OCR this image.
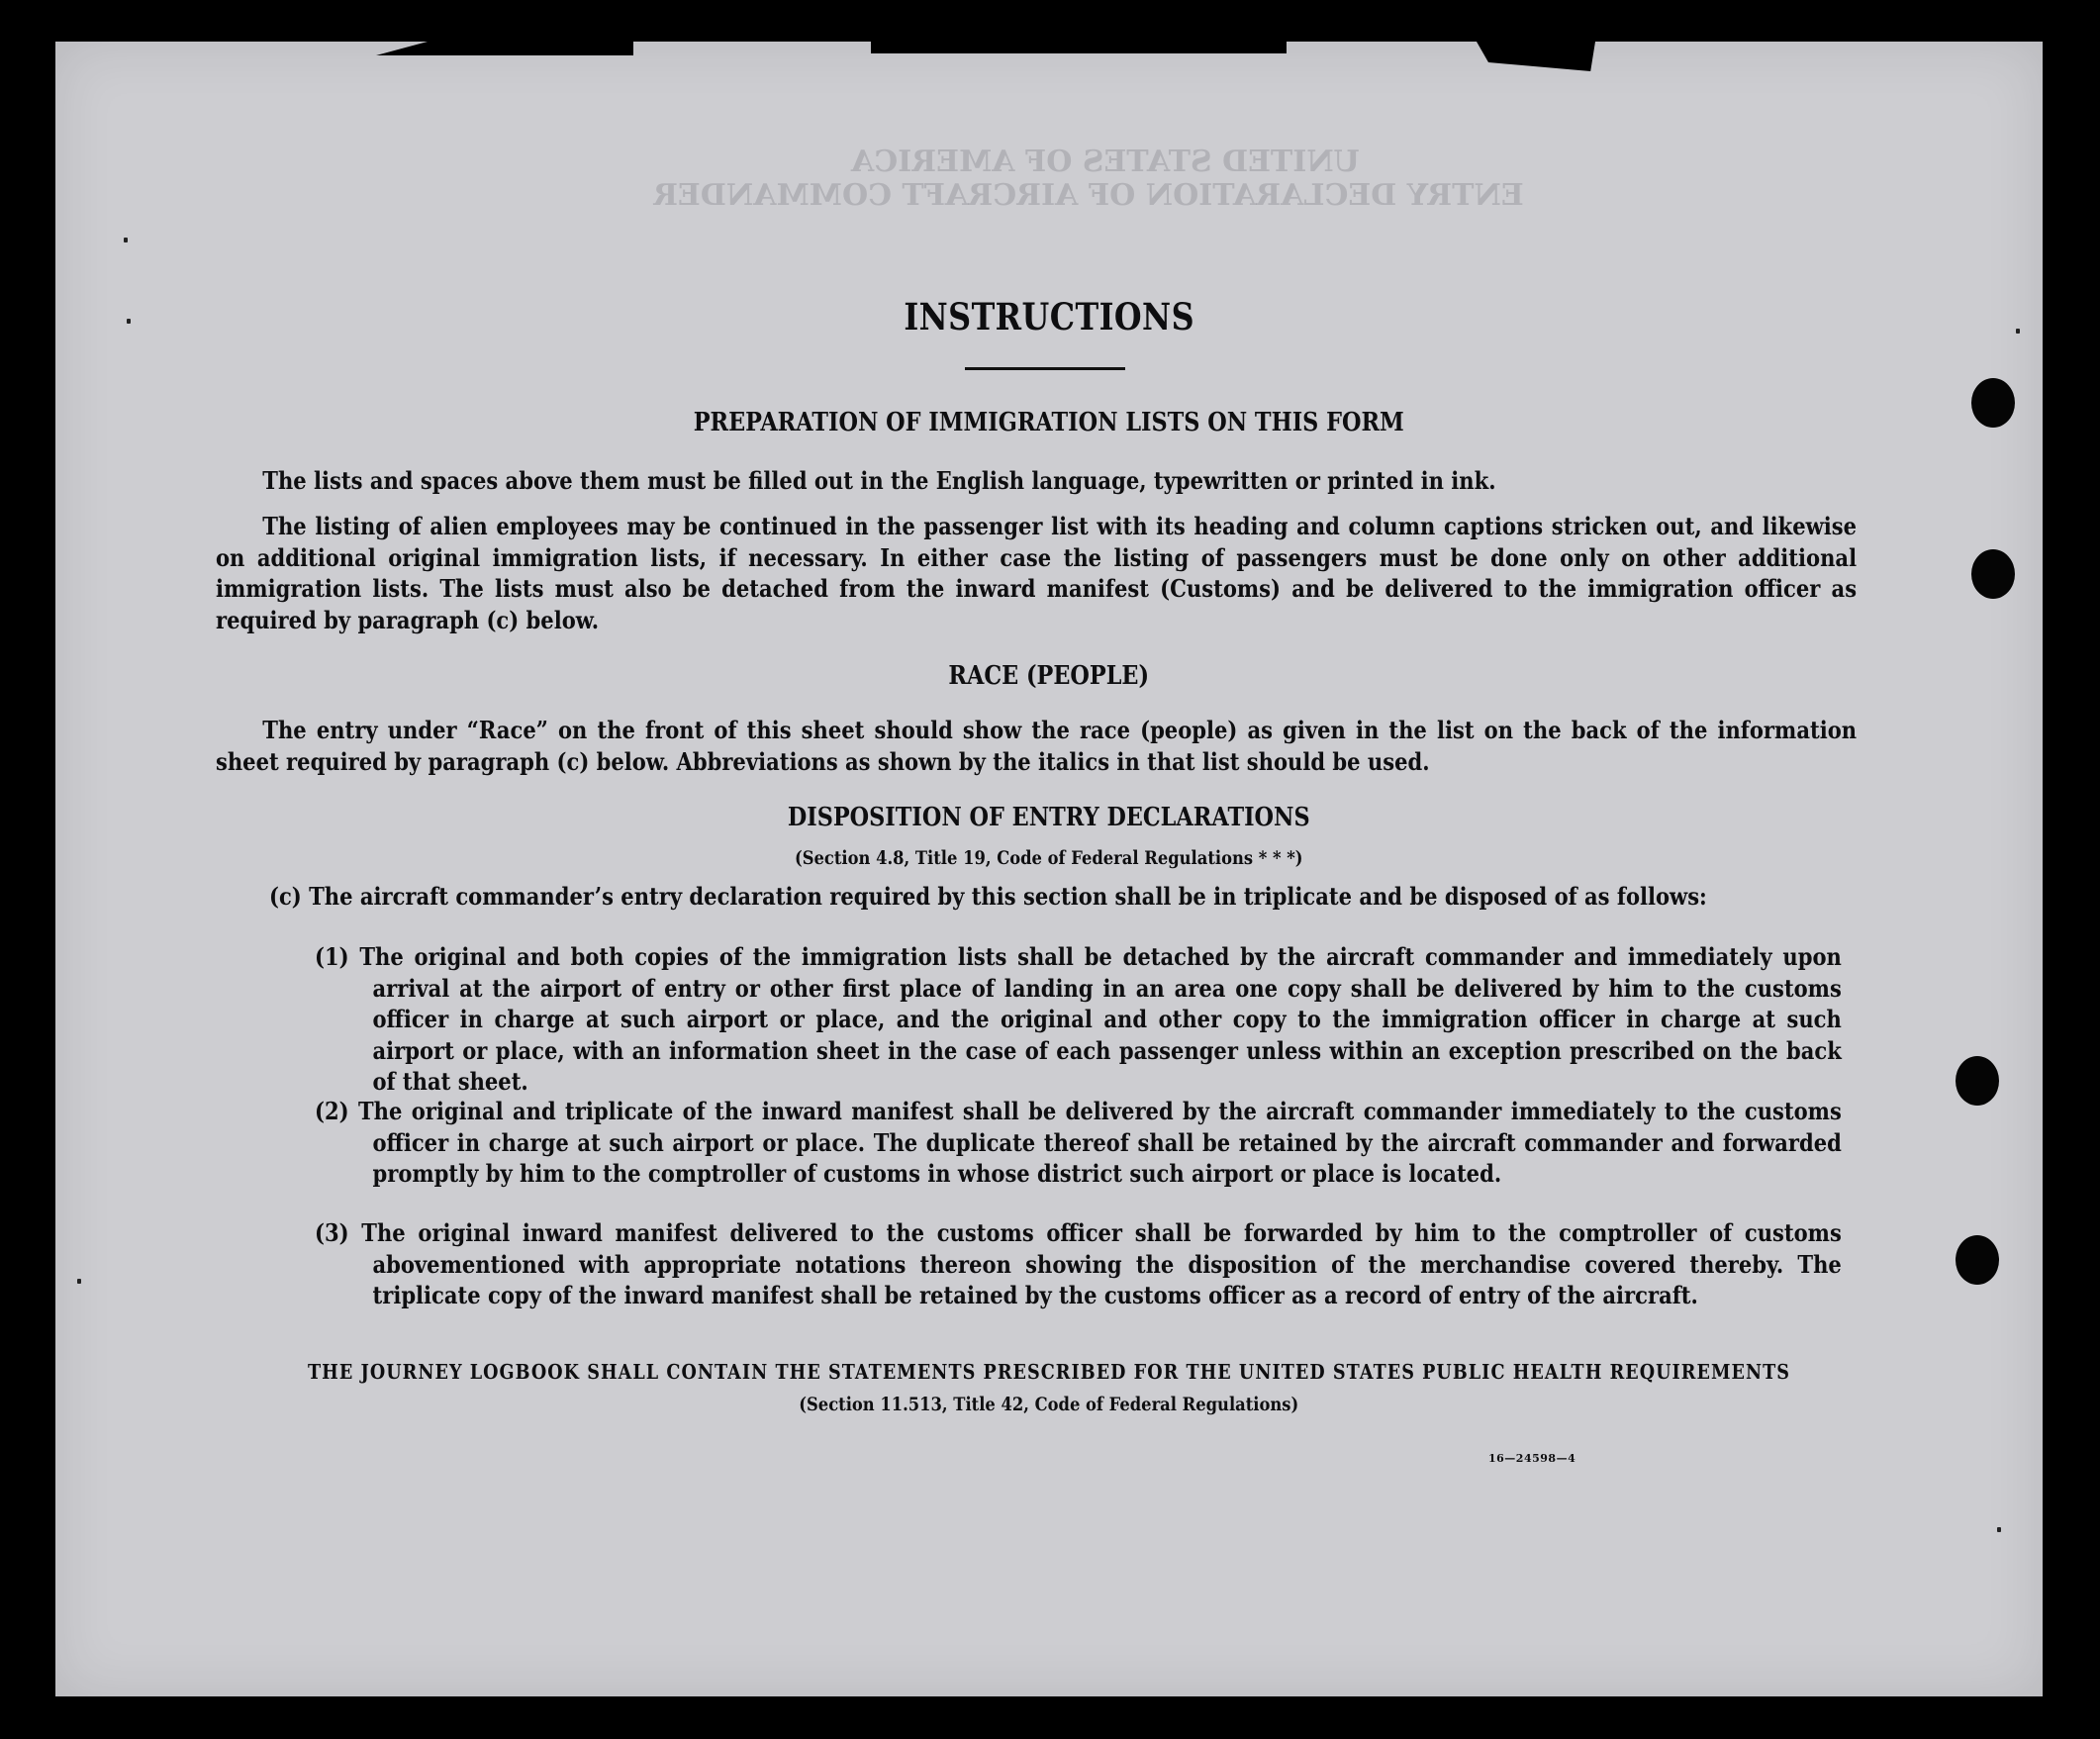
UNITED STATES OF AMERICA
ENTRY DECLARATION OF AIRCRAFT COMMANDER
INSTRUCTIONS
PREPARATION OF IMMIGRATION LISTS ON THIS FORM
The lists and spaces above them must be filled out in the English language, typewritten or printed in ink.
The listing of alien employees may be continued in the passenger list with its heading and column captions stricken out, and likewise on additional original immigration lists, if necessary. In either case the listing of passengers must be done only on other additional immigration lists. The lists must also be detached from the inward manifest (Customs) and be delivered to the immigration officer as required by paragraph (c) below.
RACE (PEOPLE)
The entry under “Race” on the front of this sheet should show the race (people) as given in the list on the back of the information sheet required by paragraph (c) below. Abbreviations as shown by the italics in that list should be used.
DISPOSITION OF ENTRY DECLARATIONS
(Section 4.8, Title 19, Code of Federal Regulations * * *)
(c) The aircraft commander’s entry declaration required by this section shall be in triplicate and be disposed of as follows:
(1) The original and both copies of the immigration lists shall be detached by the aircraft commander and immediately upon arrival at the airport of entry or other first place of landing in an area one copy shall be delivered by him to the customs officer in charge at such airport or place, and the original and other copy to the immigration officer in charge at such airport or place, with an information sheet in the case of each passenger unless within an exception prescribed on the back of that sheet.
(2) The original and triplicate of the inward manifest shall be delivered by the aircraft commander immediately to the customs officer in charge at such airport or place. The duplicate thereof shall be retained by the aircraft commander and forwarded promptly by him to the comptroller of customs in whose district such airport or place is located.
(3) The original inward manifest delivered to the customs officer shall be forwarded by him to the comptroller of customs abovementioned with appropriate notations thereon showing the disposition of the merchandise covered thereby. The triplicate copy of the inward manifest shall be retained by the customs officer as a record of entry of the aircraft.
THE JOURNEY LOGBOOK SHALL CONTAIN THE STATEMENTS PRESCRIBED FOR THE UNITED STATES PUBLIC HEALTH REQUIREMENTS
(Section 11.513, Title 42, Code of Federal Regulations)
16—24598—4
